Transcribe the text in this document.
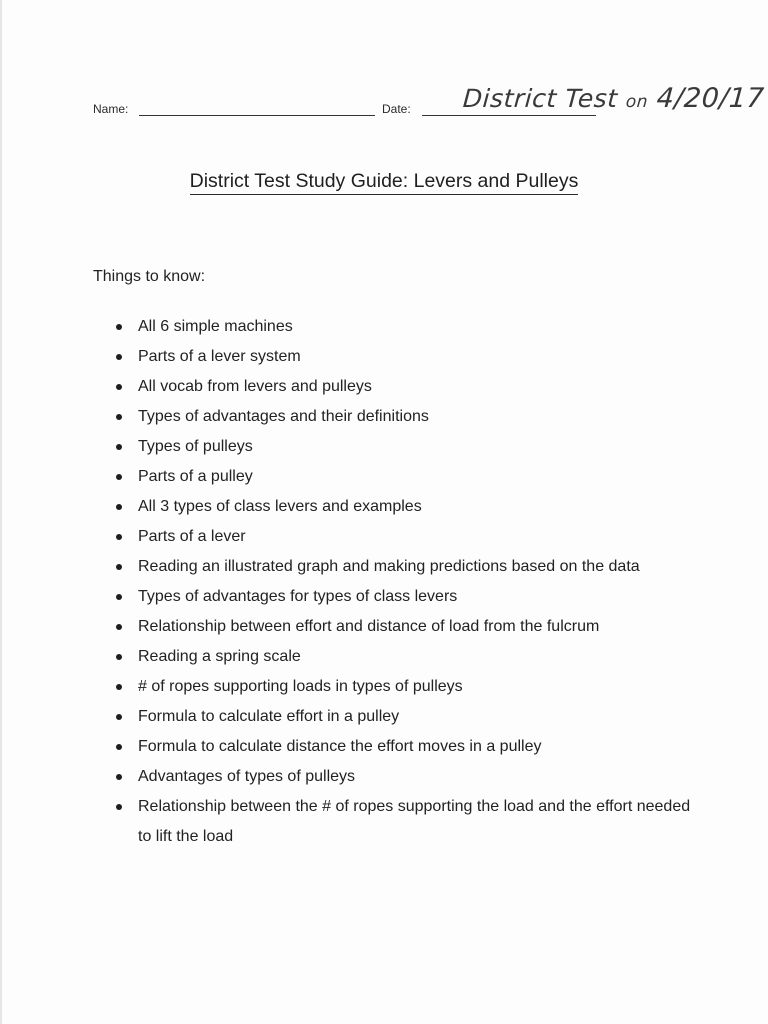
Name:	Date: District Test on 4/20/17
District Test Study Guide: Levers and Pulleys
Things to know:
All 6 simple machines
Parts of a lever system
All vocab from levers and pulleys
Types of advantages and their definitions
Types of pulleys
Parts of a pulley
All 3 types of class levers and examples
Parts of a lever
Reading an illustrated graph and making predictions based on the data
Types of advantages for types of class levers
Relationship between effort and distance of load from the fulcrum
Reading a spring scale
# of ropes supporting loads in types of pulleys
Formula to calculate effort in a pulley
Formula to calculate distance the effort moves in a pulley
Advantages of types of pulleys
Relationship between the # of ropes supporting the load and the effort needed to lift the load
